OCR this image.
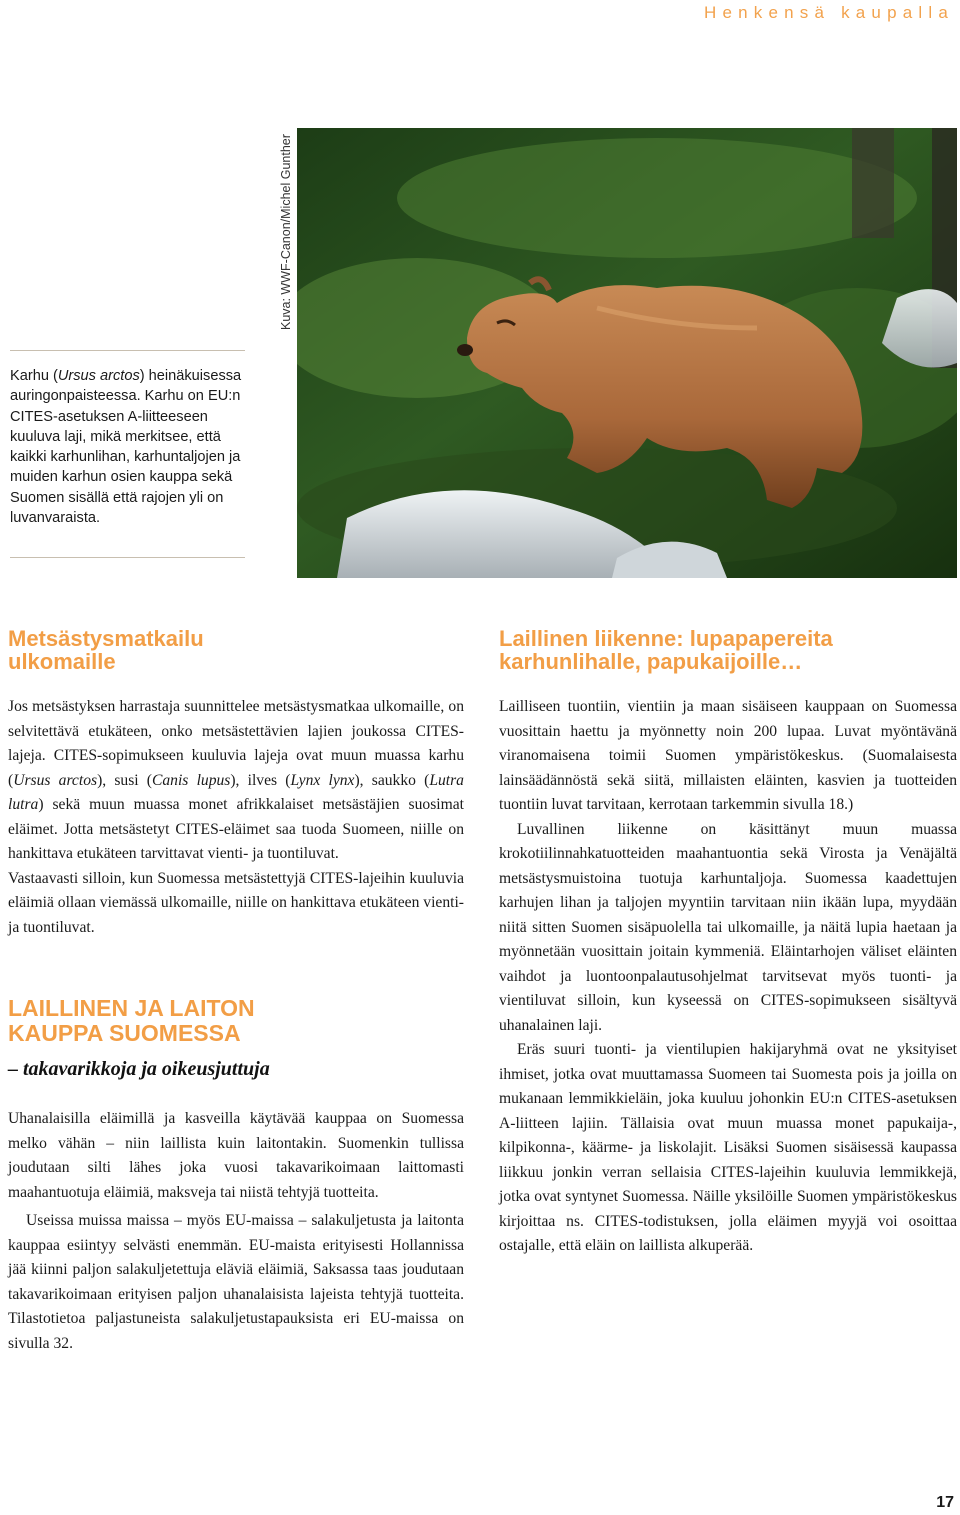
Henkensä kaupalla
Kuva: WWF-Canon/Michel Gunther
Karhu (Ursus arctos) heinäkuisessa auringonpaisteessa. Karhu on EU:n CITES-asetuksen A-liitteeseen kuuluva laji, mikä merkitsee, että kaikki karhunlihan, karhuntaljojen ja muiden karhun osien kauppa sekä Suomen sisällä että rajojen yli on luvanvaraista.
Metsästysmatkailu ulkomaille

Jos metsästyksen harrastaja suunnittelee metsästysmatkaa ulkomaille, on selvitettävä etukäteen, onko metsästettävien lajien joukossa CITES-lajeja. CITES-sopimukseen kuuluvia lajeja ovat muun muassa karhu (Ursus arctos), susi (Canis lupus), ilves (Lynx lynx), saukko (Lutra lutra) sekä muun muassa monet afrikkalaiset metsästäjien suosimat eläimet. Jotta metsästetyt CITES-eläimet saa tuoda Suomeen, niille on hankittava etukäteen tarvittavat vienti- ja tuontiluvat.

Vastaavasti silloin, kun Suomessa metsästettyjä CITES-lajeihin kuuluvia eläimiä ollaan viemässä ulkomaille, niille on hankittava etukäteen vienti- ja tuontiluvat.

LAILLINEN JA LAITON KAUPPA SUOMESSA
– takavarikkoja ja oikeusjuttuja

Uhanalaisilla eläimillä ja kasveilla käytävää kauppaa on Suomessa melko vähän – niin laillista kuin laitontakin. Suomenkin tullissa joudutaan silti lähes joka vuosi takavarikoimaan laittomasti maahantuotuja eläimiä, maksveja tai niistä tehtyjä tuotteita.

Useissa muissa maissa – myös EU-maissa – salakuljetusta ja laitonta kauppaa esiintyy selvästi enemmän. EU-maista erityisesti Hollannissa jää kiinni paljon salakuljetettuja eläviä eläimiä, Saksassa taas joudutaan takavarikoimaan erityisen paljon uhanalaisista lajeista tehtyjä tuotteita. Tilastotietoa paljastuneista salakuljetustapauksista eri EU-maissa on sivulla 32.

Laillinen liikenne: lupapapereita karhunlihalle, papukaijoille…

Lailliseen tuontiin, vientiin ja maan sisäiseen kauppaan on Suomessa vuosittain haettu ja myönnetty noin 200 lupaa. Luvat myöntävänä viranomaisena toimii Suomen ympäristökeskus. (Suomalaisesta lainsäädännöstä sekä siitä, millaisten eläinten, kasvien ja tuotteiden tuontiin luvat tarvitaan, kerrotaan tarkemmin sivulla 18.)

Luvallinen liikenne on käsittänyt muun muassa krokotiilinnahkatuotteiden maahantuontia sekä Virosta ja Venäjältä metsästysmuistoina tuotuja karhuntaljoja. Suomessa kaadettujen karhujen lihan ja taljojen myyntiin tarvitaan niin ikään lupa, myydään niitä sitten Suomen sisäpuolella tai ulkomaille, ja näitä lupia haetaan ja myönnetään vuosittain joitain kymmeniä. Eläintarhojen väliset eläinten vaihdot ja luontoonpalautusohjelmat tarvitsevat myös tuonti- ja vientiluvat silloin, kun kyseessä on CITES-sopimukseen sisältyvä uhanalainen laji.

Eräs suuri tuonti- ja vientilupien hakijaryhmä ovat ne yksityiset ihmiset, jotka ovat muuttamassa Suomeen tai Suomesta pois ja joilla on mukanaan lemmikkieläin, joka kuuluu johonkin EU:n CITES-asetuksen A-liitteen lajiin. Tällaisia ovat muun muassa monet papukaija-, kilpikonna-, käärme- ja liskolajit. Lisäksi Suomen sisäisessä kaupassa liikkuu jonkin verran sellaisia CITES-lajeihin kuuluvia lemmikkejä, jotka ovat syntynet Suomessa. Näille yksilöille Suomen ympäristökeskus kirjoittaa ns. CITES-todistuksen, jolla eläimen myyjä voi osoittaa ostajalle, että eläin on laillista alkuperää.

17
